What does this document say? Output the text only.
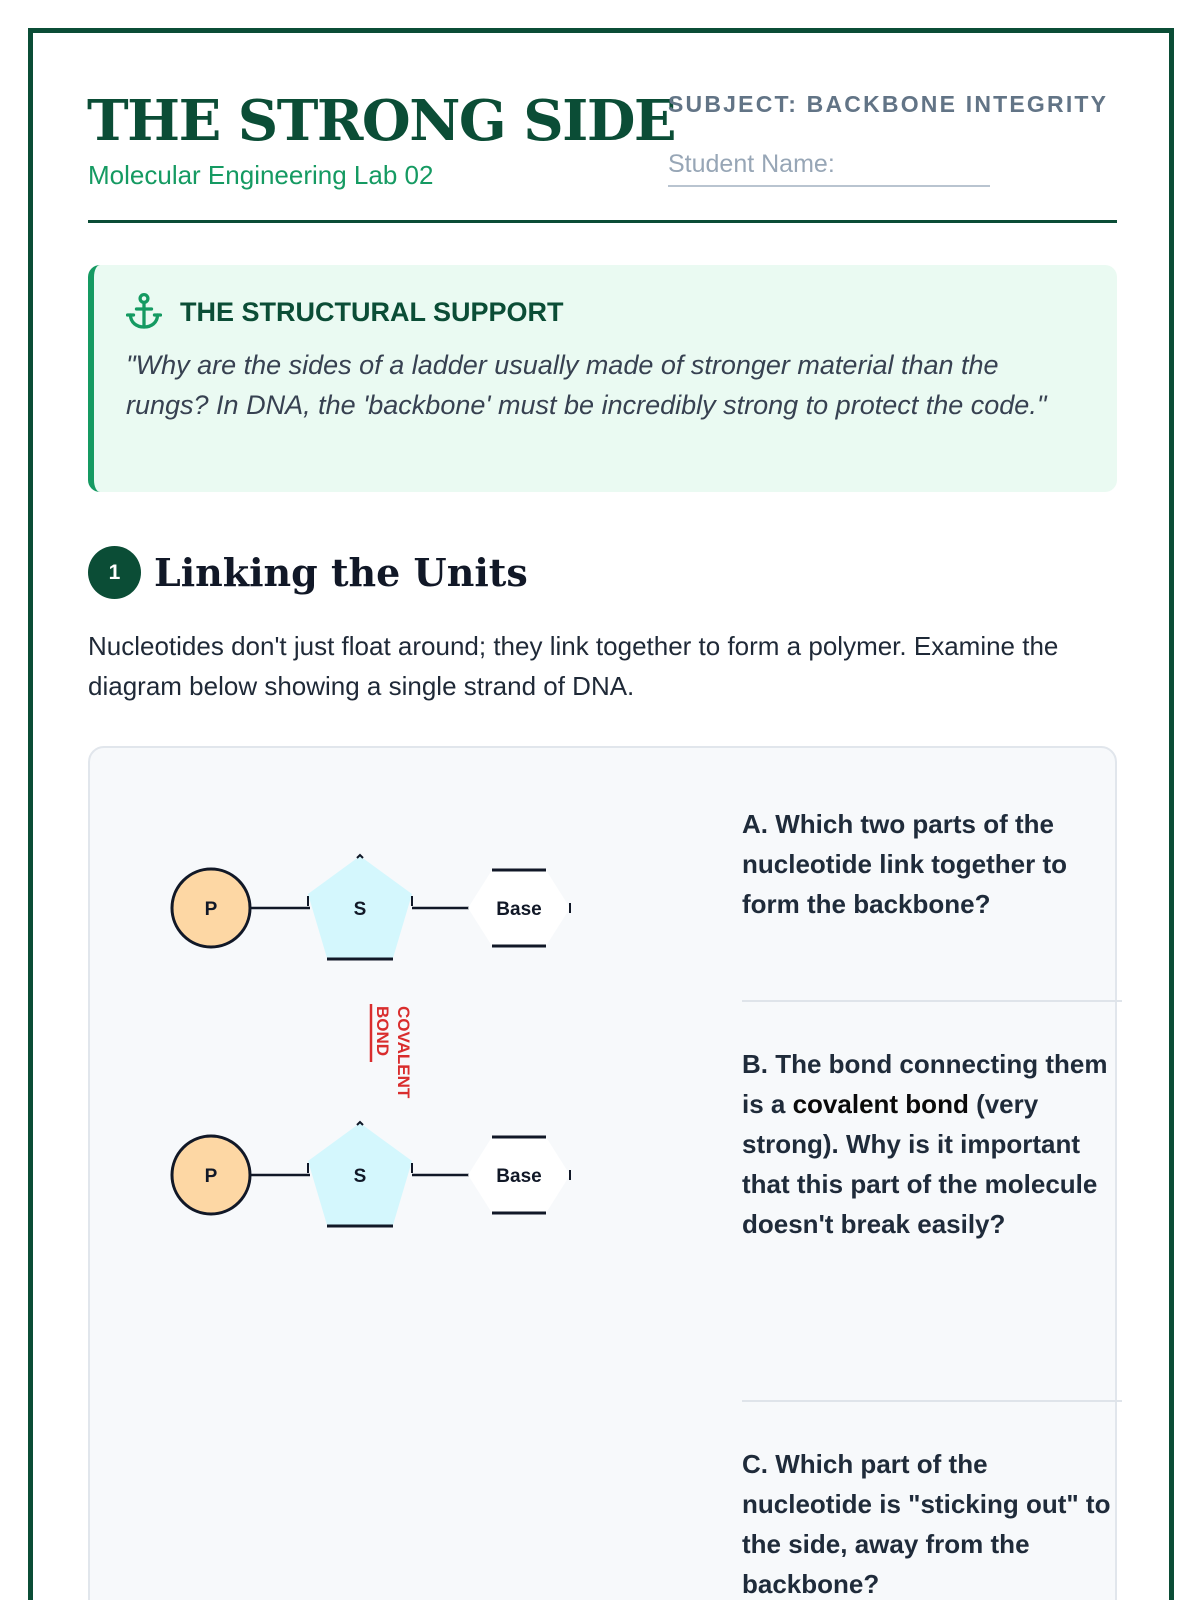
THE STRONG SIDE
Molecular Engineering Lab 02
SUBJECT: BACKBONE INTEGRITY
Student Name:
THE STRUCTURAL SUPPORT

"Why are the sides of a ladder usually made of stronger material than the rungs? In DNA, the 'backbone' must be incredibly strong to protect the code."

1 Linking the Units

Nucleotides don't just float around; they link together to form a polymer. Examine the diagram below showing a single strand of DNA.

P	S	Base
COVALENT
BOND
P	S	Base

A. Which two parts of the nucleotide link together to form the backbone?

B. The bond connecting them is a covalent bond (very strong). Why is it important that this part of the molecule doesn't break easily?

C. Which part of the nucleotide is "sticking out" to the side, away from the backbone?
